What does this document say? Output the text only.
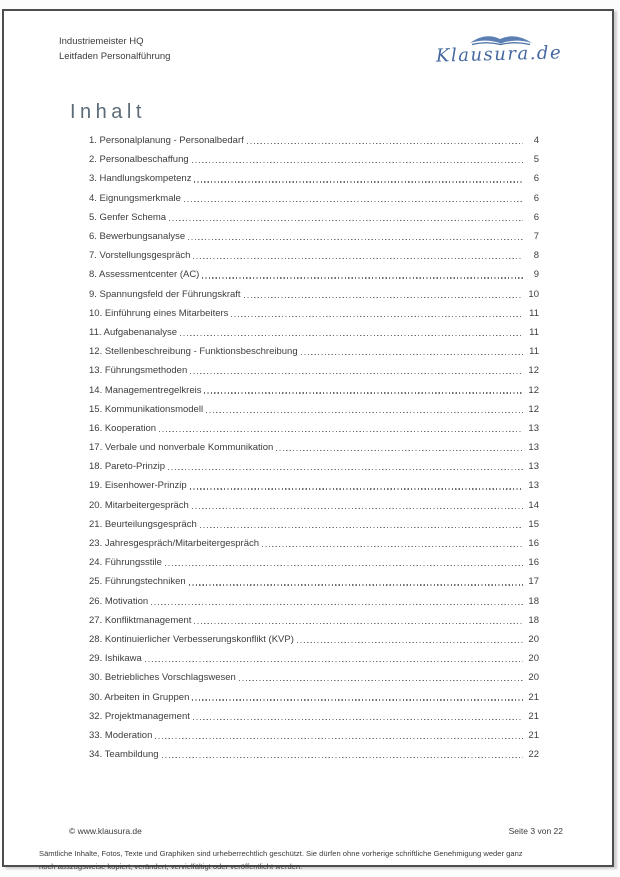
Industriemeister HQ
Leitfaden Personalführung	Klausura.de
Inhalt
1. Personalplanung - Personalbedarf	4
2. Personalbeschaffung	5
3. Handlungskompetenz	6
4. Eignungsmerkmale	6
5. Genfer Schema	6
6. Bewerbungsanalyse	7
7. Vorstellungsgespräch	8
8. Assessmentcenter (AC)	9
9. Spannungsfeld der Führungskraft	10
10. Einführung eines Mitarbeiters	11
11. Aufgabenanalyse	11
12. Stellenbeschreibung - Funktionsbeschreibung	11
13. Führungsmethoden	12
14. Managementregelkreis	12
15. Kommunikationsmodell	12
16. Kooperation	13
17. Verbale und nonverbale Kommunikation	13
18. Pareto-Prinzip	13
19. Eisenhower-Prinzip	13
20. Mitarbeitergespräch	14
21. Beurteilungsgespräch	15
23. Jahresgespräch/Mitarbeitergespräch	16
24. Führungsstile	16
25. Führungstechniken	17
26. Motivation	18
27. Konfliktmanagement	18
28. Kontinuierlicher Verbesserungskonflikt (KVP)	20
29. Ishikawa	20
30. Betriebliches Vorschlagswesen	20
30. Arbeiten in Gruppen	21
32. Projektmanagement	21
33. Moderation	21
34. Teambildung	22
© www.klausura.de	Seite 3 von 22
Sämtliche Inhalte, Fotos, Texte und Graphiken sind urheberrechtlich geschützt. Sie dürfen ohne vorherige schriftliche Genehmigung weder ganz
noch auszugsweise kopiert, verändert, vervielfältigt oder veröffentlicht werden.
